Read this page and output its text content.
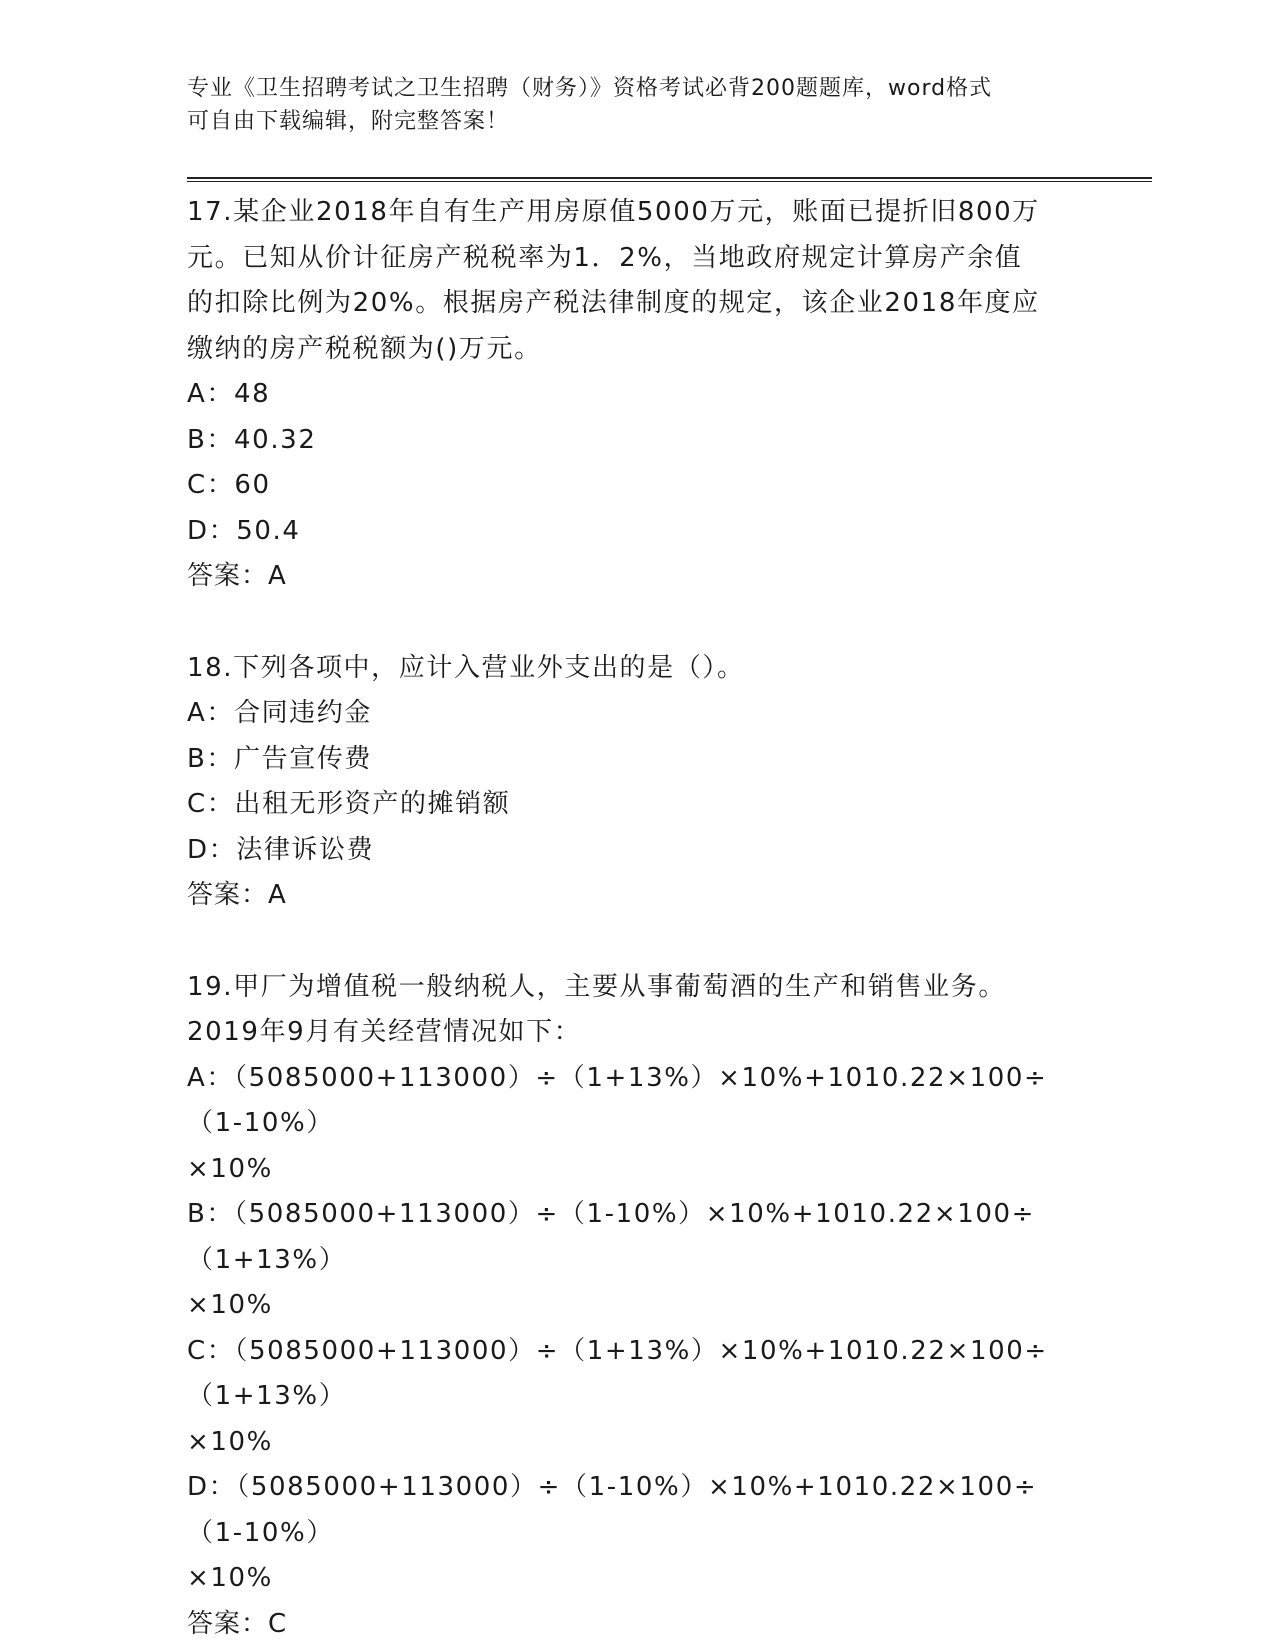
专业《卫生招聘考试之卫生招聘（财务）》资格考试必背200题题库，word格式
可自由下载编辑，附完整答案！

17.某企业2018年自有生产用房原值5000万元，账面已提折旧800万

元。已知从价计征房产税税率为1．2%，当地政府规定计算房产余值

的扣除比例为20%。根据房产税法律制度的规定，该企业2018年度应

缴纳的房产税税额为()万元。

A：48

B：40.32

C：60

D：50.4

答案：A

18.下列各项中，应计入营业外支出的是（）。

A：合同违约金

B：广告宣传费

C：出租无形资产的摊销额

D：法律诉讼费

答案：A

19.甲厂为增值税一般纳税人，主要从事葡萄酒的生产和销售业务。

2019年9月有关经营情况如下：

A：（5085000+113000）÷（1+13%）×10%+1010.22×100÷（1-10%）

×10%

B：（5085000+113000）÷（1-10%）×10%+1010.22×100÷（1+13%）

×10%

C：（5085000+113000）÷（1+13%）×10%+1010.22×100÷（1+13%）

×10%

D：（5085000+113000）÷（1-10%）×10%+1010.22×100÷（1-10%）

×10%

答案：C
